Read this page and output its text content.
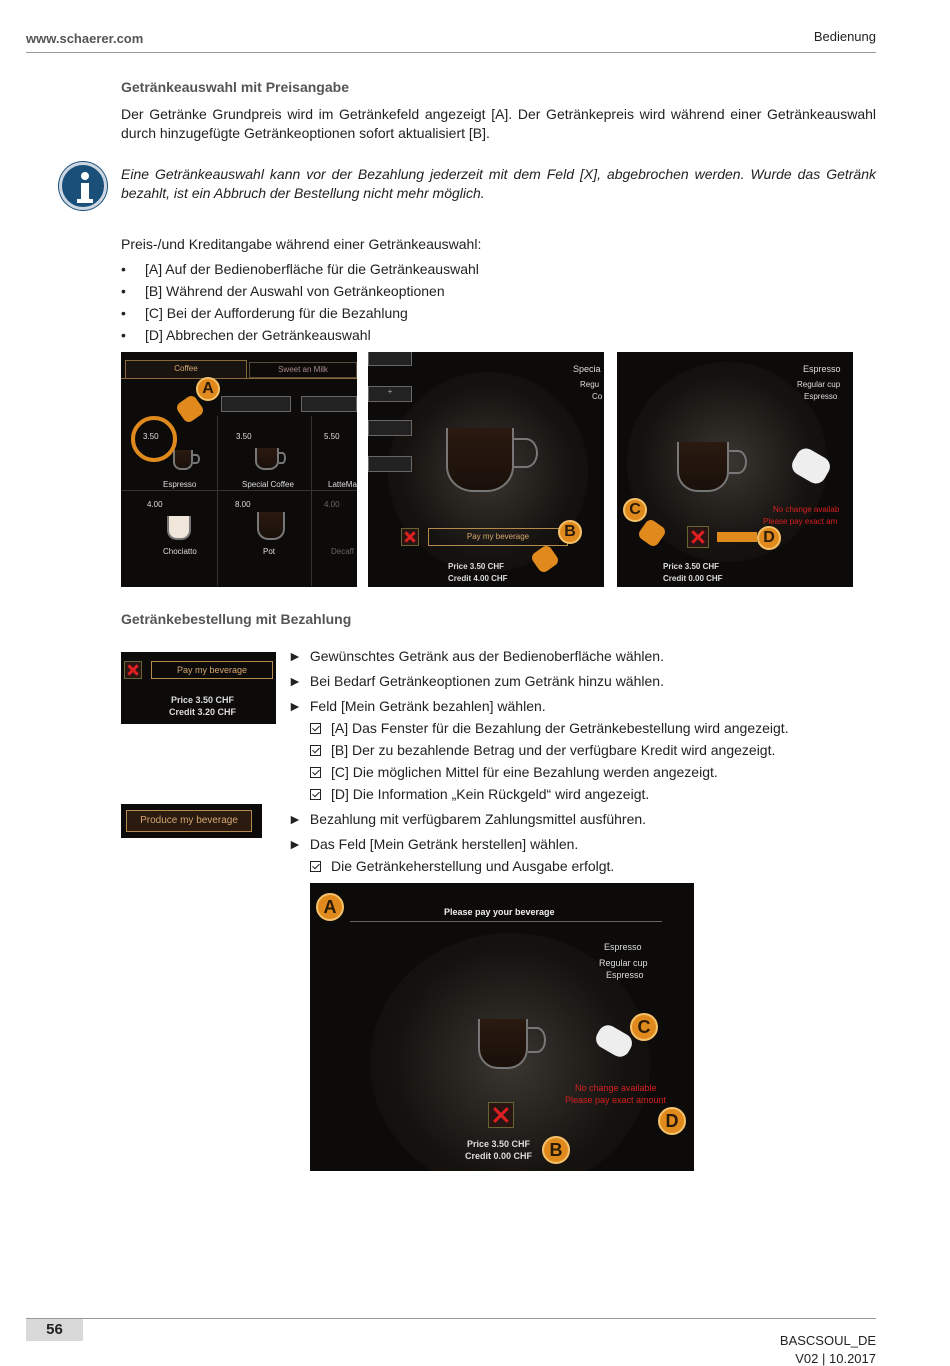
www.schaerer.com	Bedienung
Getränkeauswahl mit Preisangabe
Der Getränke Grundpreis wird im Getränkefeld angezeigt [A]. Der Getränkepreis wird während einer Getränkeauswahl durch hinzugefügte Getränkeoptionen sofort aktualisiert [B].
Eine Getränkeauswahl kann vor der Bezahlung jederzeit mit dem Feld [X], abgebrochen werden. Wurde das Getränk bezahlt, ist ein Abbruch der Bestellung nicht mehr möglich.
Preis-/und Kreditangabe während einer Getränkeauswahl:
• [A] Auf der Bedienoberfläche für die Getränkeauswahl
• [B] Während der Auswahl von Getränkeoptionen
• [C] Bei der Aufforderung für die Bezahlung
• [D] Abbrechen der Getränkeauswahl
Coffee	Sweet an Milk
3.50
Espresso
3.50
Special Coffee
5.50
LatteMa
4.00
Chociatto
8.00
Pot
4.00
Decaff
A	+
Specia
Regu
Co
Pay my beverage
Price 3.50 CHF
Credit 4.00 CHF
B
Espresso
Regular cup
Espresso
No change availab
Please pay exact am
Price 3.50 CHF
Credit 0.00 CHF
C
D
Getränkebestellung mit Bezahlung
Pay my beverage
Price 3.50 CHF
Credit 3.20 CHF
Produce my beverage
► Gewünschtes Getränk aus der Bedienoberfläche wählen.
► Bei Bedarf Getränkeoptionen zum Getränk hinzu wählen.
► Feld [Mein Getränk bezahlen] wählen.
[A] Das Fenster für die Bezahlung der Getränkebestellung wird angezeigt.
[B] Der zu bezahlende Betrag und der verfügbare Kredit wird angezeigt.
[C] Die möglichen Mittel für eine Bezahlung werden angezeigt.
[D] Die Information „Kein Rückgeld“ wird angezeigt.
► Bezahlung mit verfügbarem Zahlungsmittel ausführen.
► Das Feld [Mein Getränk herstellen] wählen.
Die Getränkeherstellung und Ausgabe erfolgt.
Please pay your beverage
Espresso
Regular cup
Espresso
No change available
Please pay exact amount
Price 3.50 CHF
Credit 0.00 CHF
A
B
C
D
56
BASCSOUL_DE
V02 | 10.2017
